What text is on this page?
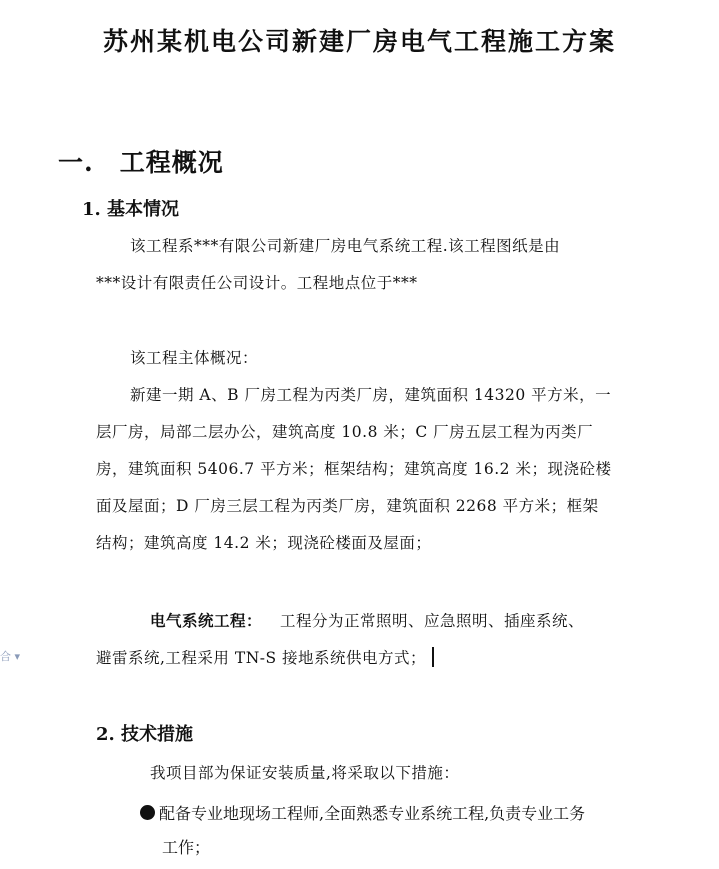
合 ▾
苏州某机电公司新建厂房电气工程施工方案
一. 工程概况
1. 基本情况
该工程系***有限公司新建厂房电气系统工程.该工程图纸是由
***设计有限责任公司设计。工程地点位于***
该工程主体概况：
新建一期 A、B 厂房工程为丙类厂房，建筑面积 14320 平方米，一
层厂房，局部二层办公，建筑高度 10.8 米；C 厂房五层工程为丙类厂
房，建筑面积 5406.7 平方米；框架结构；建筑高度 16.2 米；现浇砼楼
面及屋面；D 厂房三层工程为丙类厂房，建筑面积 2268 平方米；框架
结构；建筑高度 14.2 米；现浇砼楼面及屋面；
电气系统工程： 工程分为正常照明、应急照明、插座系统、
避雷系统,工程采用 TN-S 接地系统供电方式；
2. 技术措施
我项目部为保证安装质量,将采取以下措施：
配备专业地现场工程师,全面熟悉专业系统工程,负责专业工务
工作；
